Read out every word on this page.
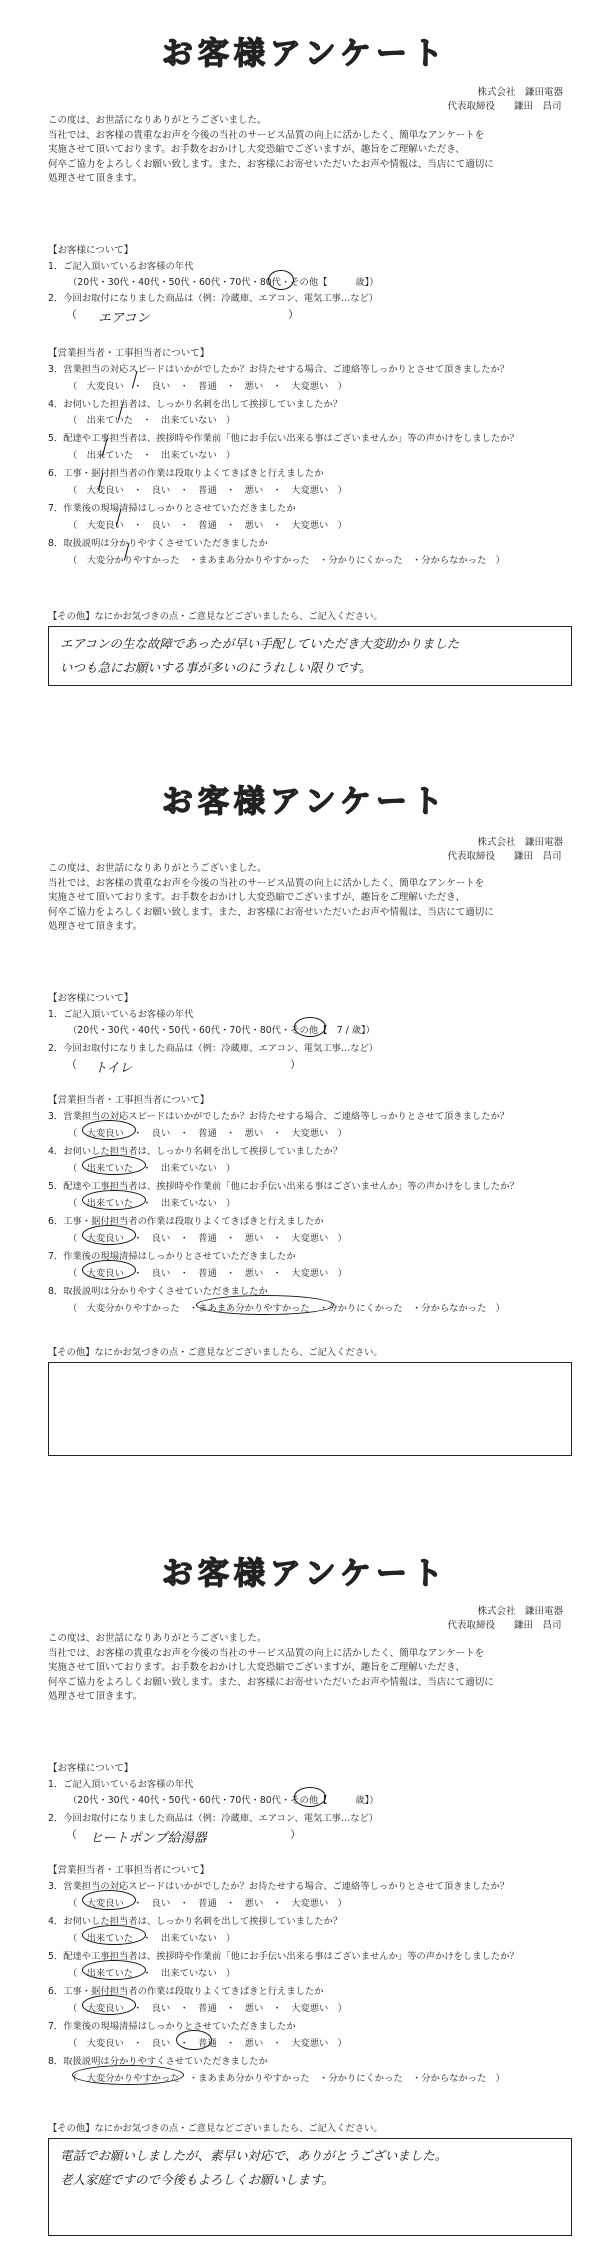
お客様アンケート
株式会社　鎌田電器
代表取締役　　鎌田　昌司
この度は、お世話になりありがとうございました。
当社では、お客様の貴重なお声を今後の当社のサービス品質の向上に活かしたく、簡単なアンケートを
実施させて頂いております。お手数をおかけし大変恐縮でございますが、趣旨をご理解いただき、
何卒ご協力をよろしくお願い致します。また、お客様にお寄せいただいたお声や情報は、当店にて適切に
処理させて頂きます。
【お客様について】
1．ご記入頂いているお客様の年代
（20代・30代・40代・50代・60代・70代・80代・その他【　　　歳】）
2．今回お取付になりました商品は（例：冷蔵庫、エアコン、電気工事…など）
（ エアコン	）
【営業担当者・工事担当者について】
3．営業担当の対応スピードはいかがでしたか？お待たせする場合、ご連絡等しっかりとさせて頂きましたか？
（　大変良い　・　良い　・　普通　・　悪い　・　大変悪い　）
4．お伺いした担当者は、しっかり名刺を出して挨拶していましたか？
（　出来ていた　・　出来ていない　）
5．配達や工事担当者は、挨拶時や作業前「他にお手伝い出来る事はございませんか」等の声かけをしましたか？
（　出来ていた　・　出来ていない　）
6．工事・据付担当者の作業は段取りよくてきぱきと行えましたか
（　大変良い　・　良い　・　普通　・　悪い　・　大変悪い　）
7．作業後の現場清掃はしっかりとさせていただきましたか
（　大変良い　・　良い　・　普通　・　悪い　・　大変悪い　）
8．取扱説明は分かりやすくさせていただきましたか
（　大変分かりやすかった　・まあまあ分かりやすかった　・分かりにくかった　・分からなかった　）
【その他】なにかお気づきの点・ご意見などございましたら、ご記入ください。
エアコンの生な故障であったが早い手配していただき大変助かりました
いつも急にお願いする事が多いのにうれしい限りです。
お客様アンケート
株式会社　鎌田電器
代表取締役　　鎌田　昌司
この度は、お世話になりありがとうございました。
当社では、お客様の貴重なお声を今後の当社のサービス品質の向上に活かしたく、簡単なアンケートを
実施させて頂いております。お手数をおかけし大変恐縮でございますが、趣旨をご理解いただき、
何卒ご協力をよろしくお願い致します。また、お客様にお寄せいただいたお声や情報は、当店にて適切に
処理させて頂きます。
【お客様について】
1．ご記入頂いているお客様の年代
（20代・30代・40代・50代・60代・70代・80代・その他【　7 / 歳】）
2．今回お取付になりました商品は（例：冷蔵庫、エアコン、電気工事…など）
（ トイレ	）
【営業担当者・工事担当者について】
3．営業担当の対応スピードはいかがでしたか？お待たせする場合、ご連絡等しっかりとさせて頂きましたか？
（　大変良い　・　良い　・　普通　・　悪い　・　大変悪い　）
4．お伺いした担当者は、しっかり名刺を出して挨拶していましたか？
（　出来ていた　・　出来ていない　）
5．配達や工事担当者は、挨拶時や作業前「他にお手伝い出来る事はございませんか」等の声かけをしましたか？
（　出来ていた　・　出来ていない　）
6．工事・据付担当者の作業は段取りよくてきぱきと行えましたか
（　大変良い　・　良い　・　普通　・　悪い　・　大変悪い　）
7．作業後の現場清掃はしっかりとさせていただきましたか
（　大変良い　・　良い　・　普通　・　悪い　・　大変悪い　）
8．取扱説明は分かりやすくさせていただきましたか
（　大変分かりやすかった　・まあまあ分かりやすかった　・分かりにくかった　・分からなかった　）
【その他】なにかお気づきの点・ご意見などございましたら、ご記入ください。
お客様アンケート
株式会社　鎌田電器
代表取締役　　鎌田　昌司
この度は、お世話になりありがとうございました。
当社では、お客様の貴重なお声を今後の当社のサービス品質の向上に活かしたく、簡単なアンケートを
実施させて頂いております。お手数をおかけし大変恐縮でございますが、趣旨をご理解いただき、
何卒ご協力をよろしくお願い致します。また、お客様にお寄せいただいたお声や情報は、当店にて適切に
処理させて頂きます。
【お客様について】
1．ご記入頂いているお客様の年代
（20代・30代・40代・50代・60代・70代・80代・その他【　　　歳】）
2．今回お取付になりました商品は（例：冷蔵庫、エアコン、電気工事…など）
（ ヒートポンプ給湯器	）
【営業担当者・工事担当者について】
3．営業担当の対応スピードはいかがでしたか？お待たせする場合、ご連絡等しっかりとさせて頂きましたか？
（　大変良い　・　良い　・　普通　・　悪い　・　大変悪い　）
4．お伺いした担当者は、しっかり名刺を出して挨拶していましたか？
（　出来ていた　・　出来ていない　）
5．配達や工事担当者は、挨拶時や作業前「他にお手伝い出来る事はございませんか」等の声かけをしましたか？
（　出来ていた　・　出来ていない　）
6．工事・据付担当者の作業は段取りよくてきぱきと行えましたか
（　大変良い　・　良い　・　普通　・　悪い　・　大変悪い　）
7．作業後の現場清掃はしっかりとさせていただきましたか
（　大変良い　・　良い　・　普通　・　悪い　・　大変悪い　）
8．取扱説明は分かりやすくさせていただきましたか
（　大変分かりやすかった　・まあまあ分かりやすかった　・分かりにくかった　・分からなかった　）
【その他】なにかお気づきの点・ご意見などございましたら、ご記入ください。
電話でお願いしましたが、素早い対応で、ありがとうございました。
老人家庭ですので今後もよろしくお願いします。
